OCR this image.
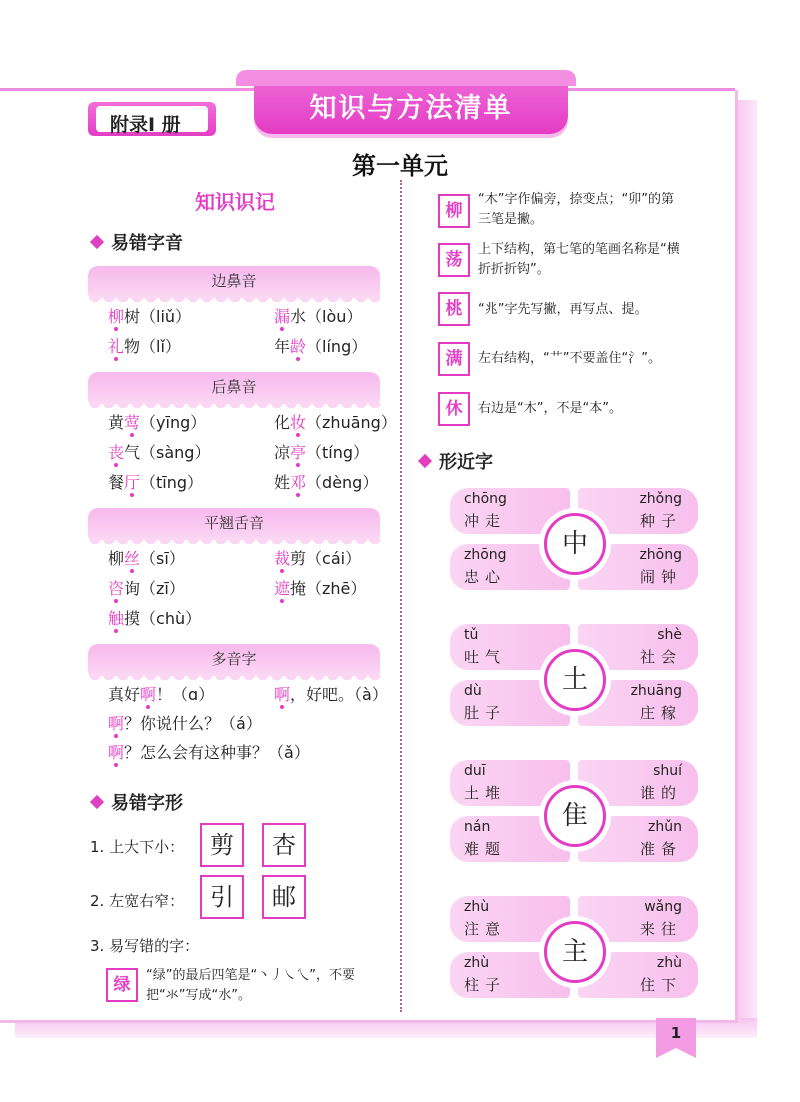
知识与方法清单
附录Ⅰ 册
第一单元
知识识记
易错字音
边鼻音
柳树（liǔ）	漏水（lòu）
礼物（lǐ）	年龄（líng）
后鼻音
黄莺（yīng）	化妆（zhuāng）
丧气（sàng）	凉亭（tíng）
餐厅（tīng）	姓邓（dèng）
平翘舌音
柳丝（sī）	裁剪（cái）
咨询（zī）	遮掩（zhē）
触摸（chù）
多音字
真好啊！（ɑ）	啊，好吧。（à）
啊？你说什么？（á）
啊？怎么会有这种事？（ǎ）
易错字形
1. 上大下小：	剪	杏
2. 左宽右窄：	引	邮
3. 易写错的字：
绿	“绿”的最后四笔是“丶丿㇏乀”，不要
把“氺”写成“水”。
柳
“木”字作偏旁，捺变点；“卯”的第
三笔是撇。
荡
上下结构，第七笔的笔画名称是“横
折折折钩”。
桃	“兆”字先写撇，再写点、提。
满	左右结构，“艹”不要盖住“氵”。
休	右边是“木”，不是“本”。
形近字
chōng
冲走
zhǒng
种子
zhōng
忠心
zhōng
闹钟
中
tǔ
吐气
shè
社会
dù
肚子
zhuāng
庄稼
土
duī
土堆
shuí
谁的
nán
难题
zhǔn
准备
隹
zhù
注意
wǎng
来往
zhù
柱子
zhù
住下
主
1
